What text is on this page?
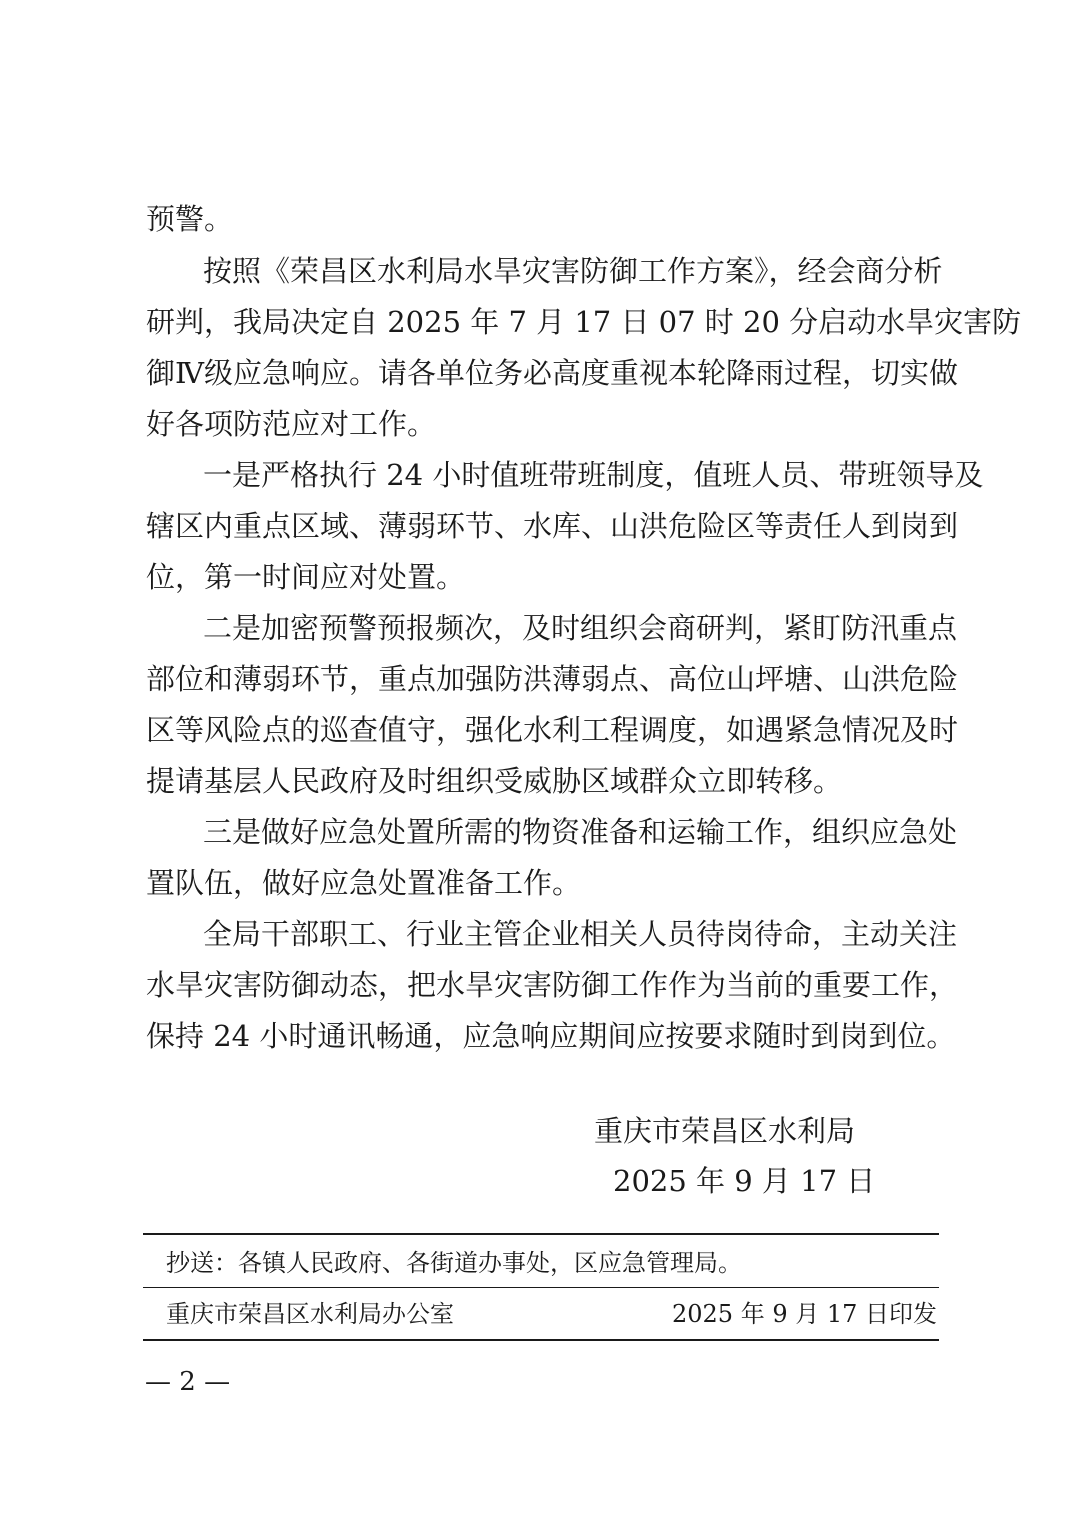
预警。
按照《荣昌区水利局水旱灾害防御工作方案》，经会商分析
研判，我局决定自 2025 年 7 月 17 日 07 时 20 分启动水旱灾害防
御Ⅳ级应急响应。请各单位务必高度重视本轮降雨过程，切实做
好各项防范应对工作。
一是严格执行 24 小时值班带班制度，值班人员、带班领导及
辖区内重点区域、薄弱环节、水库、山洪危险区等责任人到岗到
位，第一时间应对处置。
二是加密预警预报频次，及时组织会商研判，紧盯防汛重点
部位和薄弱环节，重点加强防洪薄弱点、高位山坪塘、山洪危险
区等风险点的巡查值守，强化水利工程调度，如遇紧急情况及时
提请基层人民政府及时组织受威胁区域群众立即转移。
三是做好应急处置所需的物资准备和运输工作，组织应急处
置队伍，做好应急处置准备工作。
全局干部职工、行业主管企业相关人员待岗待命，主动关注
水旱灾害防御动态，把水旱灾害防御工作作为当前的重要工作，
保持 24 小时通讯畅通，应急响应期间应按要求随时到岗到位。
重庆市荣昌区水利局
2025 年 9 月 17 日
抄送：各镇人民政府、各街道办事处，区应急管理局。
重庆市荣昌区水利局办公室	2025 年 9 月 17 日印发
— 2 —
